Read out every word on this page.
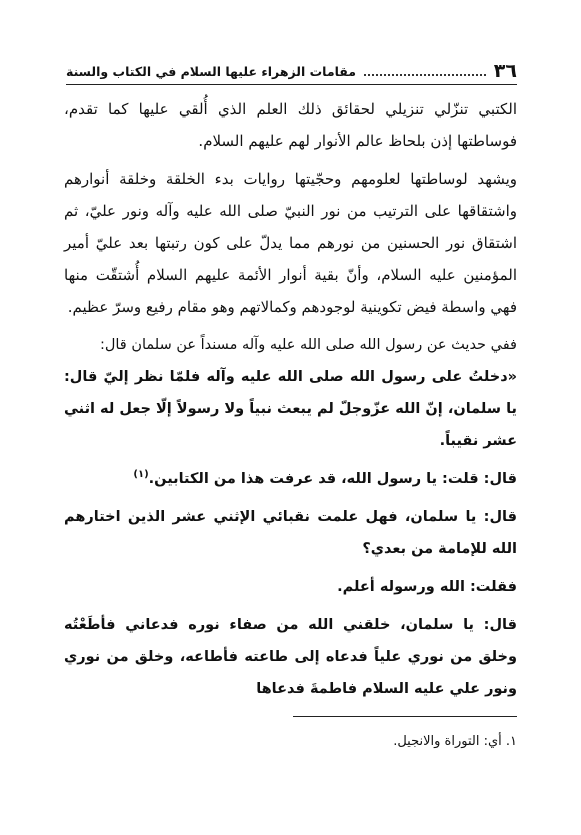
٣٦
مقامات الزهراء عليها السلام في الكتاب والسنة

الكتبي تنزّلي تنزيلي لحقائق ذلك العلم الذي أُلقي عليها كما تقدم، فوساطتها إذن بلحاظ عالم الأنوار لهم عليهم السلام.

ويشهد لوساطتها لعلومهم وحجّيتها روايات بدء الخلقة وخلقة أنوارهم واشتقاقها على الترتيب من نور النبيّ صلى الله عليه وآله ونور عليّ، ثم اشتقاق نور الحسنين من نورهم مما يدلّ على كون رتبتها بعد عليّ أمير المؤمنين عليه السلام، وأنّ بقية أنوار الأئمة عليهم السلام أُشتقّت منها فهي واسطة فيض تكوينية لوجودهم وكمالاتهم وهو مقام رفيع وسرّ عظيم.

ففي حديث عن رسول الله صلى الله عليه وآله مسنداً عن سلمان قال:

«دخلتُ على رسول الله صلى الله عليه وآله فلمّا نظر إليّ قال: يا سلمان، إنّ الله عزّوجلّ لم يبعث نبياً ولا رسولاً إلّا جعل له اثني عشر نقيباً.

قال: قلت: يا رسول الله، قد عرفت هذا من الكتابين.$^{(١)}$

قال: يا سلمان، فهل علمت نقبائي الإثني عشر الذين اختارهم الله للإمامة من بعدي؟

فقلت: الله ورسوله أعلم.

قال: يا سلمان، خلقني الله من صفاء نوره فدعاني فأطَعْتُه وخلق من نوري علياً فدعاه إلى طاعته فأطاعه، وخلق من نوري ونور علي عليه السلام فاطمةَ فدعاها

١. أي: التوراة والانجيل.
